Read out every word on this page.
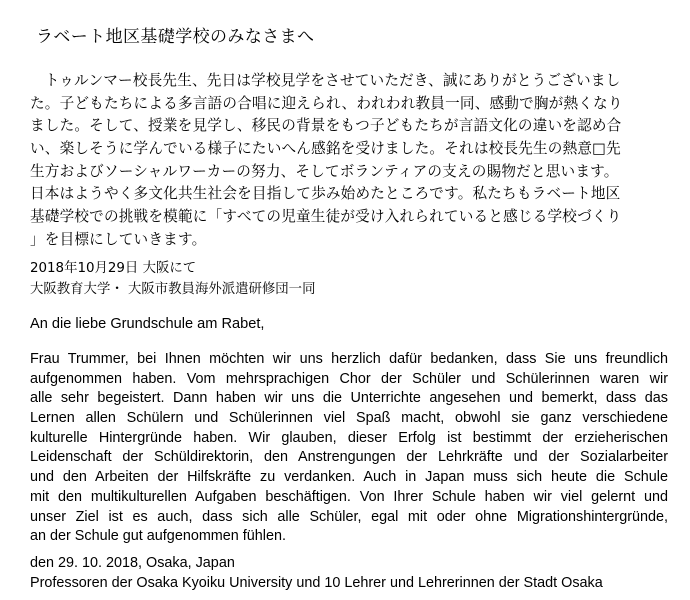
ラベート地区基礎学校のみなさまへ
　トゥルンマー校長先生、先日は学校見学をさせていただき、誠にありがとうございまし
た。子どもたちによる多言語の合唱に迎えられ、われわれ教員一同、感動で胸が熱くなり
ました。そして、授業を見学し、移民の背景をもつ子どもたちが言語文化の違いを認め合
い、楽しそうに学んでいる様子にたいへん感銘を受けました。それは校長先生の熱意□先
生方およびソーシャルワーカーの努力、そしてボランティアの支えの賜物だと思います。
日本はようやく多文化共生社会を目指して歩み始めたところです。私たちもラベート地区
基礎学校での挑戦を模範に「すべての児童生徒が受け入れられていると感じる学校づくり
」を目標にしていきます。
2018年10月29日 大阪にて
大阪教育大学・ 大阪市教員海外派遣研修団一同
An die liebe Grundschule am Rabet,
Frau Trummer, bei Ihnen möchten wir uns herzlich dafür bedanken, dass Sie uns freundlich
aufgenommen haben. Vom mehrsprachigen Chor der Schüler und Schülerinnen waren wir
alle sehr begeistert. Dann haben wir uns die Unterrichte angesehen und bemerkt, dass das
Lernen allen Schülern und Schülerinnen viel Spaß macht, obwohl sie ganz verschiedene
kulturelle Hintergründe haben. Wir glauben, dieser Erfolg ist bestimmt der erzieherischen
Leidenschaft der Schüldirektorin, den Anstrengungen der Lehrkräfte und der Sozialarbeiter
und den Arbeiten der Hilfskräfte zu verdanken. Auch in Japan muss sich heute die Schule
mit den multikulturellen Aufgaben beschäftigen. Von Ihrer Schule haben wir viel gelernt und
unser Ziel ist es auch, dass sich alle Schüler, egal mit oder ohne Migrationshintergründe,
an der Schule gut aufgenommen fühlen.
den 29. 10. 2018, Osaka, Japan
Professoren der Osaka Kyoiku University und 10 Lehrer und Lehrerinnen der Stadt Osaka
